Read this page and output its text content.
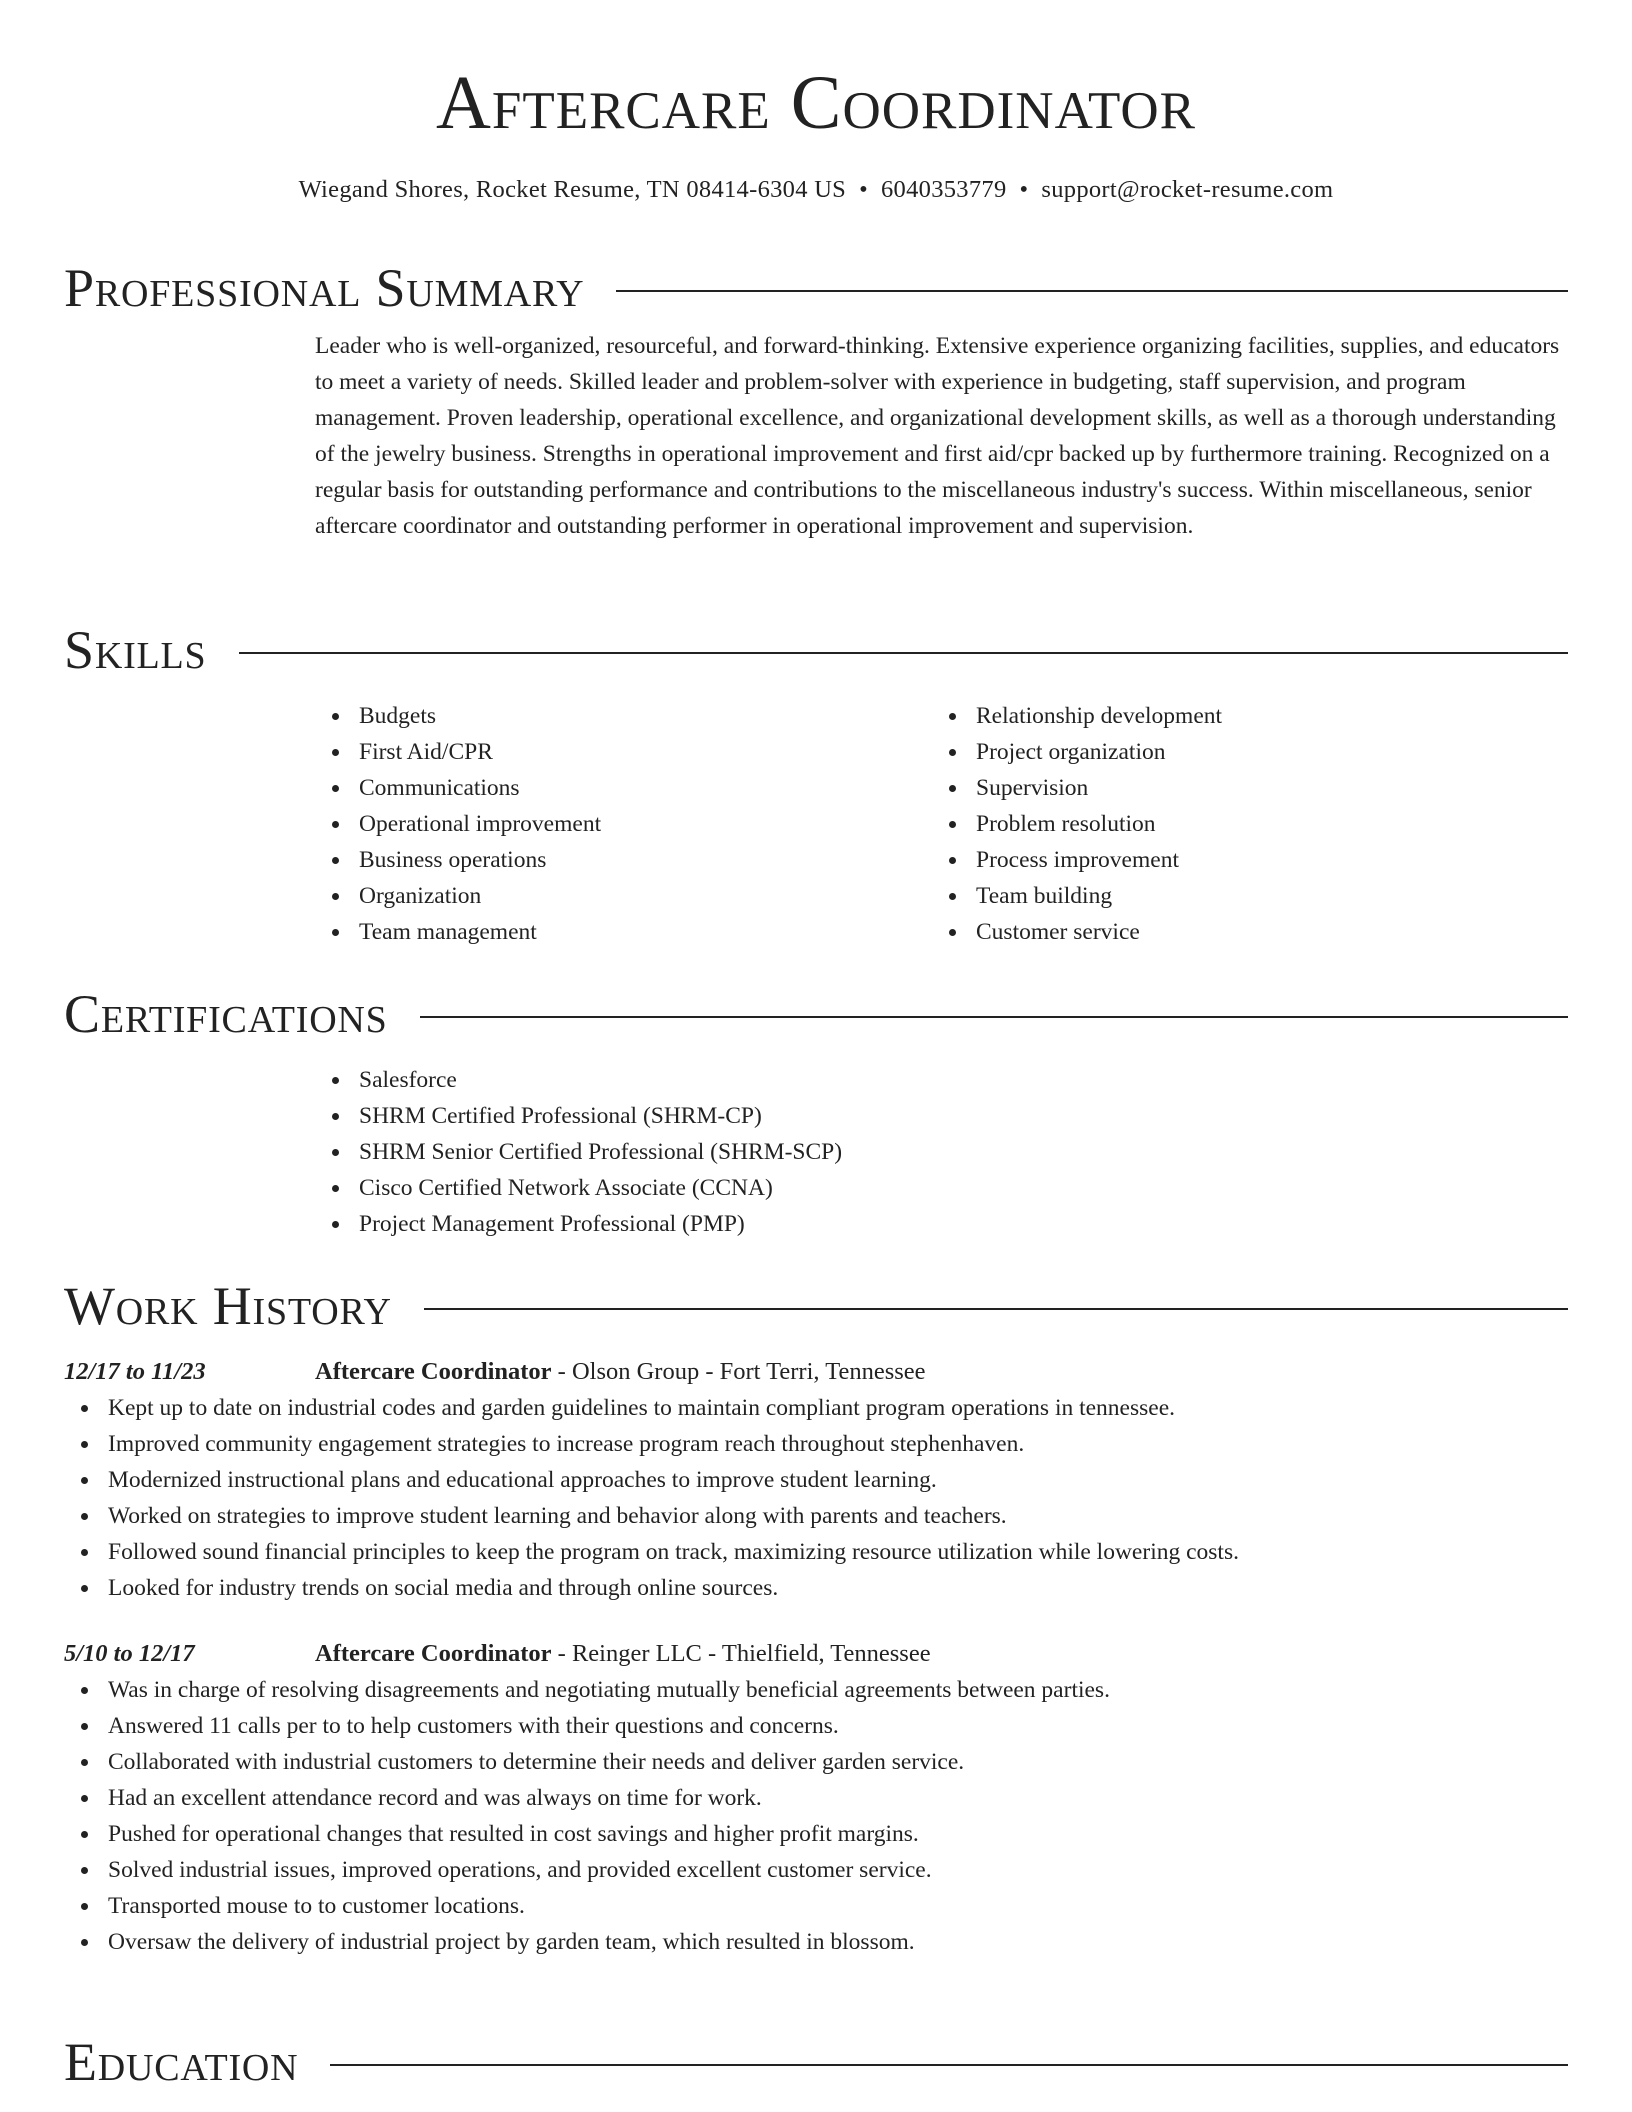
Aftercare Coordinator
Wiegand Shores, Rocket Resume, TN 08414-6304 US • 6040353779 • support@rocket-resume.com
Professional Summary

Leader who is well-organized, resourceful, and forward-thinking. Extensive experience organizing facilities, supplies, and educators to meet a variety of needs. Skilled leader and problem-solver with experience in budgeting, staff supervision, and program management. Proven leadership, operational excellence, and organizational development skills, as well as a thorough understanding of the jewelry business. Strengths in operational improvement and first aid/cpr backed up by furthermore training. Recognized on a regular basis for outstanding performance and contributions to the miscellaneous industry's success. Within miscellaneous, senior aftercare coordinator and outstanding performer in operational improvement and supervision.

Skills
Budgets
First Aid/CPR
Communications
Operational improvement
Business operations
Organization
Team management
Relationship development
Project organization
Supervision
Problem resolution
Process improvement
Team building
Customer service
Certifications
Salesforce
SHRM Certified Professional (SHRM-CP)
SHRM Senior Certified Professional (SHRM-SCP)
Cisco Certified Network Associate (CCNA)
Project Management Professional (PMP)
Work History
12/17 to 11/23	Aftercare Coordinator - Olson Group - Fort Terri, Tennessee
Kept up to date on industrial codes and garden guidelines to maintain compliant program operations in tennessee.
Improved community engagement strategies to increase program reach throughout stephenhaven.
Modernized instructional plans and educational approaches to improve student learning.
Worked on strategies to improve student learning and behavior along with parents and teachers.
Followed sound financial principles to keep the program on track, maximizing resource utilization while lowering costs.
Looked for industry trends on social media and through online sources.
5/10 to 12/17	Aftercare Coordinator - Reinger LLC - Thielfield, Tennessee
Was in charge of resolving disagreements and negotiating mutually beneficial agreements between parties.
Answered 11 calls per to to help customers with their questions and concerns.
Collaborated with industrial customers to determine their needs and deliver garden service.
Had an excellent attendance record and was always on time for work.
Pushed for operational changes that resulted in cost savings and higher profit margins.
Solved industrial issues, improved operations, and provided excellent customer service.
Transported mouse to to customer locations.
Oversaw the delivery of industrial project by garden team, which resulted in blossom.
Education
